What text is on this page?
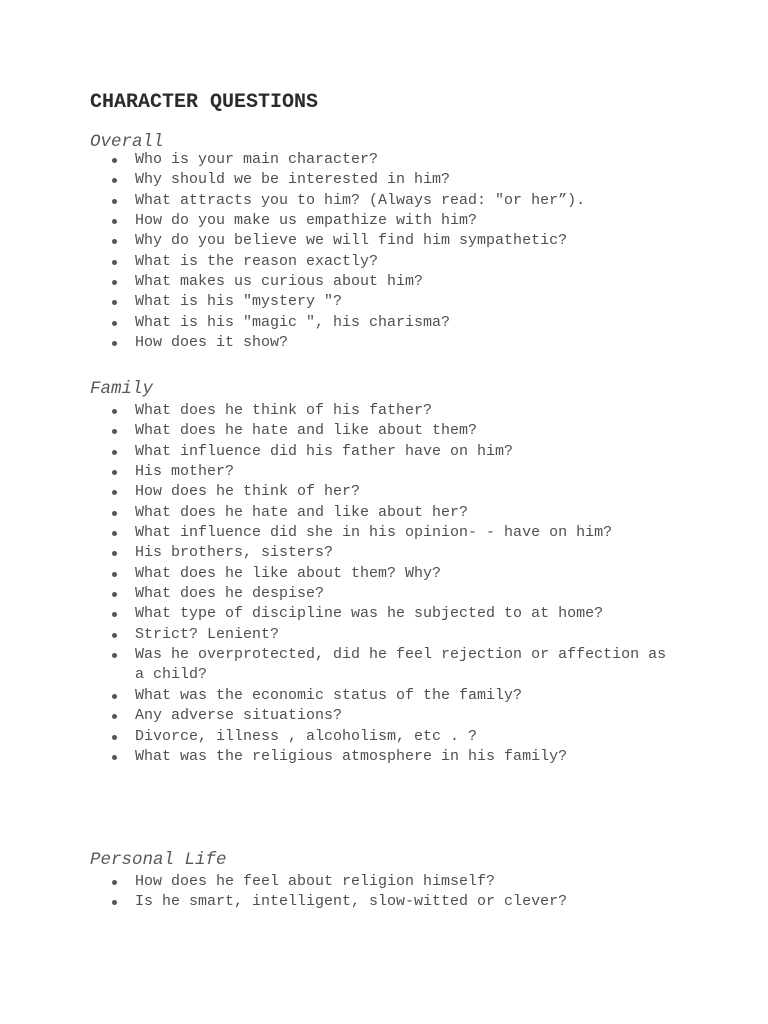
CHARACTER QUESTIONS
Overall
Who is your main character?
Why should we be interested in him?
What attracts you to him? (Always read: "or her”).
How do you make us empathize with him?
Why do you believe we will find him sympathetic?
What is the reason exactly?
What makes us curious about him?
What is his "mystery "?
What is his "magic ", his charisma?
How does it show?
Family
What does he think of his father?
What does he hate and like about them?
What influence did his father have on him?
His mother?
How does he think of her?
What does he hate and like about her?
What influence did she in his opinion- - have on him?
His brothers, sisters?
What does he like about them? Why?
What does he despise?
What type of discipline was he subjected to at home?
Strict? Lenient?
Was he overprotected, did he feel rejection or affection as a child?
What was the economic status of the family?
Any adverse situations?
Divorce, illness , alcoholism, etc . ?
What was the religious atmosphere in his family?
Personal Life
How does he feel about religion himself?
Is he smart, intelligent, slow-witted or clever?
